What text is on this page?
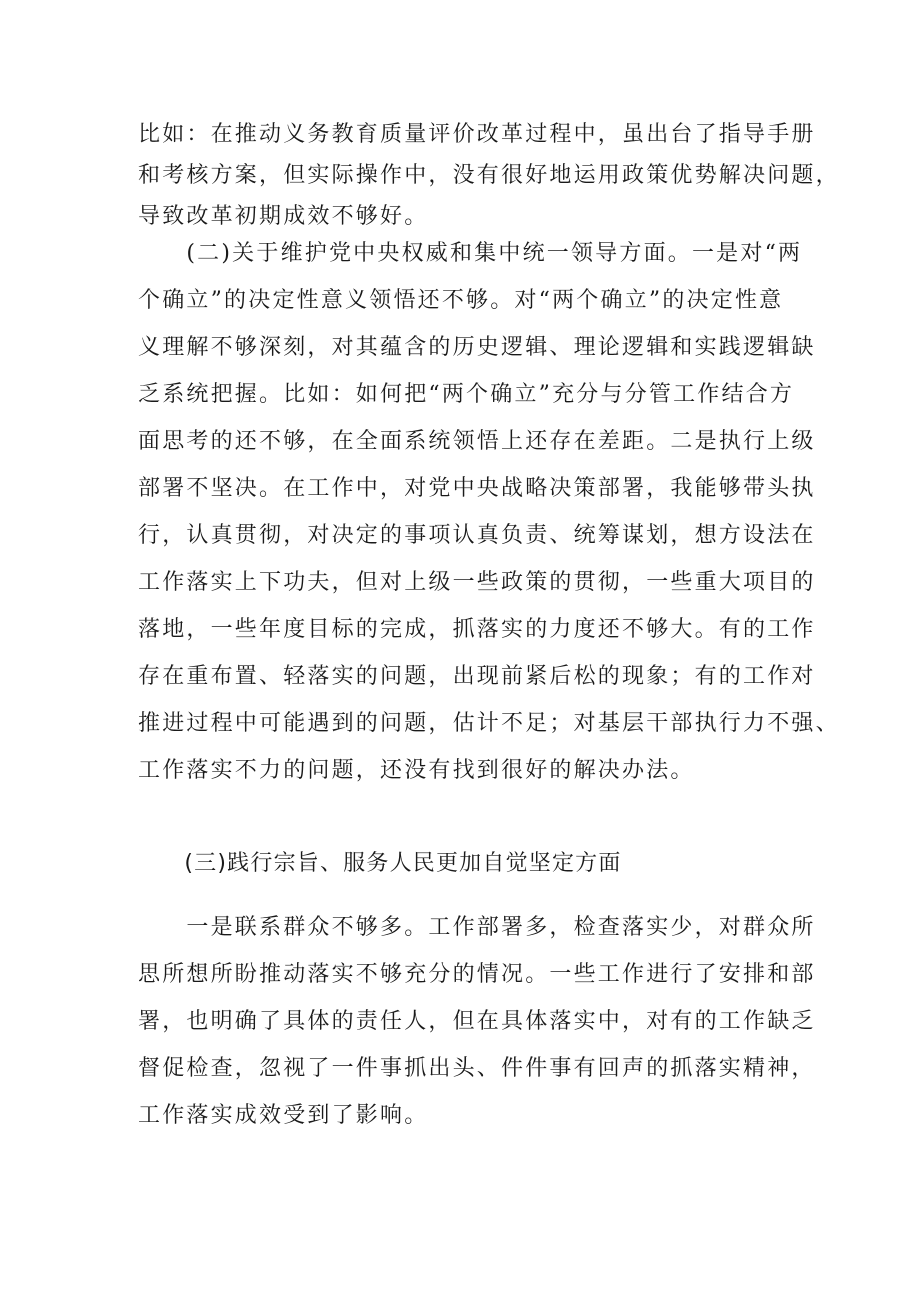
比如：在推动义务教育质量评价改革过程中，虽出台了指导手册
和考核方案，但实际操作中，没有很好地运用政策优势解决问题，
导致改革初期成效不够好。
　　(二)关于维护党中央权威和集中统一领导方面。一是对“两
个确立”的决定性意义领悟还不够。对“两个确立”的决定性意
义理解不够深刻，对其蕴含的历史逻辑、理论逻辑和实践逻辑缺
乏系统把握。比如：如何把“两个确立”充分与分管工作结合方
面思考的还不够，在全面系统领悟上还存在差距。二是执行上级
部署不坚决。在工作中，对党中央战略决策部署，我能够带头执
行，认真贯彻，对决定的事项认真负责、统筹谋划，想方设法在
工作落实上下功夫，但对上级一些政策的贯彻，一些重大项目的
落地，一些年度目标的完成，抓落实的力度还不够大。有的工作
存在重布置、轻落实的问题，出现前紧后松的现象；有的工作对
推进过程中可能遇到的问题，估计不足；对基层干部执行力不强、
工作落实不力的问题，还没有找到很好的解决办法。
　　(三)践行宗旨、服务人民更加自觉坚定方面
　　一是联系群众不够多。工作部署多，检查落实少，对群众所
思所想所盼推动落实不够充分的情况。一些工作进行了安排和部
署，也明确了具体的责任人，但在具体落实中，对有的工作缺乏
督促检查，忽视了一件事抓出头、件件事有回声的抓落实精神，
工作落实成效受到了影响。
